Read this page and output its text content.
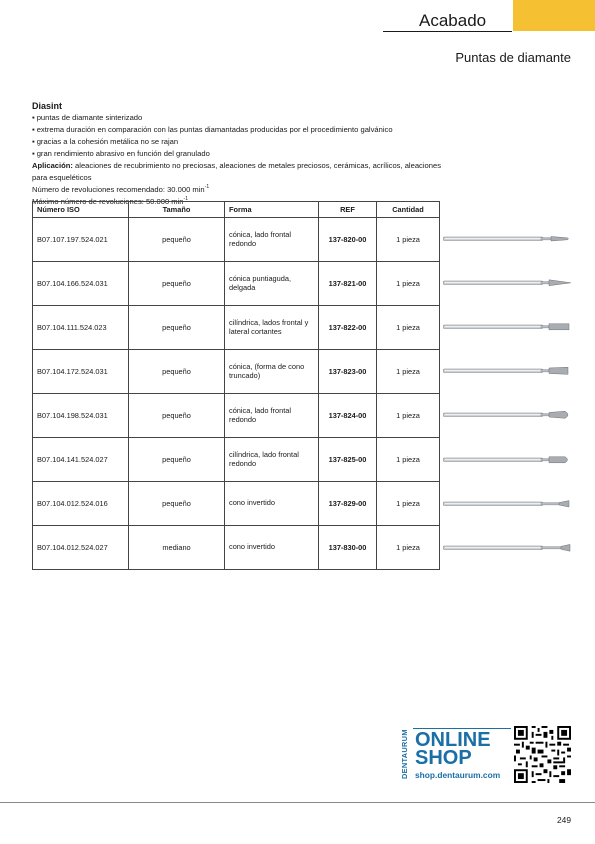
Acabado
Puntas de diamante
Diasint
▪ puntas de diamante sinterizado
▪ extrema duración en comparación con las puntas diamantadas producidas por el procedimiento galvánico
▪ gracias a la cohesión metálica no se rajan
▪ gran rendimiento abrasivo en función del granulado
Aplicación: aleaciones de recubrimiento no preciosas, aleaciones de metales preciosos, cerámicas, acrílicos, aleaciones para esqueléticos
Número de revoluciones recomendado: 30.000 $\min^{-1}$
Máximo número de revoluciones: 50.000 $\min^{-1}$
Número ISO	Tamaño	Forma	REF	Cantidad
B07.107.197.524.021	pequeño	cónica, lado frontal redondo	137-820-00	1 pieza
B07.104.166.524.031	pequeño	cónica puntiaguda, delgada	137-821-00	1 pieza
B07.104.111.524.023	pequeño	cilíndrica, lados frontal y lateral cortantes	137-822-00	1 pieza
B07.104.172.524.031	pequeño	cónica, (forma de cono truncado)	137-823-00	1 pieza
B07.104.198.524.031	pequeño	cónica, lado frontal redondo	137-824-00	1 pieza
B07.104.141.524.027	pequeño	cilíndrica, lado frontal redondo	137-825-00	1 pieza
B07.104.012.524.016	pequeño	cono invertido	137-829-00	1 pieza
B07.104.012.524.027	mediano	cono invertido	137-830-00	1 pieza
DENTAURUM ONLINE
SHOP
shop.dentaurum.com
249
